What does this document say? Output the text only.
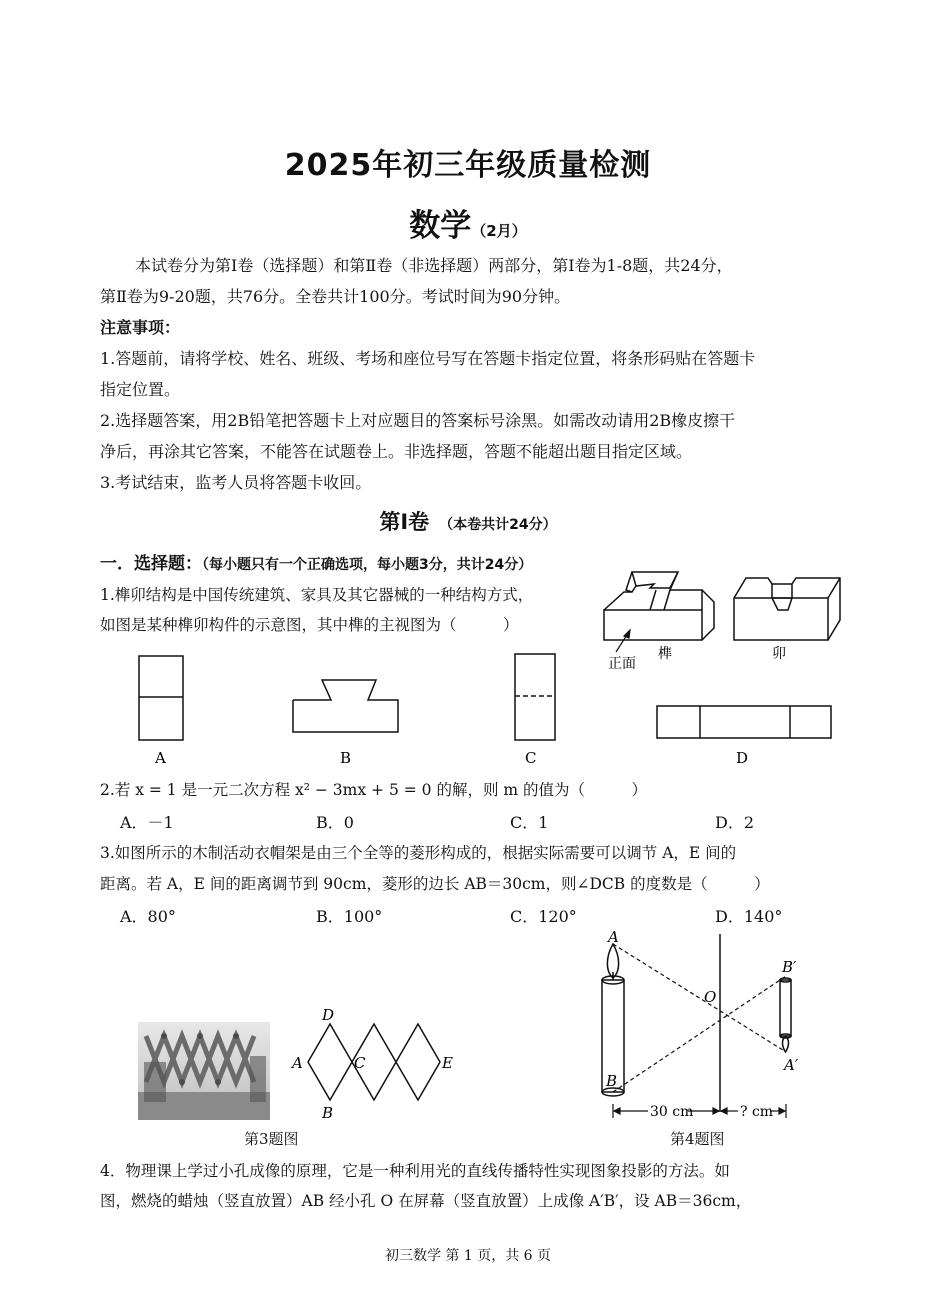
2025年初三年级质量检测
数学（2月）
本试卷分为第Ⅰ卷（选择题）和第Ⅱ卷（非选择题）两部分，第Ⅰ卷为1-8题，共24分，
第Ⅱ卷为9-20题，共76分。全卷共计100分。考试时间为90分钟。
注意事项：
1.答题前，请将学校、姓名、班级、考场和座位号写在答题卡指定位置，将条形码贴在答题卡
指定位置。
2.选择题答案，用2B铅笔把答题卡上对应题目的答案标号涂黑。如需改动请用2B橡皮擦干
净后，再涂其它答案，不能答在试题卷上。非选择题，答题不能超出题目指定区域。
3.考试结束，监考人员将答题卡收回。
第Ⅰ卷 （本卷共计24分）
一．选择题：（每小题只有一个正确选项，每小题3分，共计24分）
1.榫卯结构是中国传统建筑、家具及其它器械的一种结构方式，
如图是某种榫卯构件的示意图，其中榫的主视图为（　　　）
正面
榫	卯
A	B	C	D
2.若 x = 1 是一元二次方程 x² − 3mx + 5 = 0 的解，则 m 的值为（　　　）
A．－1	B．0	C．1	D．2
3.如图所示的木制活动衣帽架是由三个全等的菱形构成的，根据实际需要可以调节 A，E 间的
距离。若 A，E 间的距离调节到 90cm，菱形的边长 AB＝30cm，则∠DCB 的度数是（　　　）
A．80°	B．100°	C．120°	D．140°
D
A	C	E
B
第3题图
A
B
O
B′
A′
30 cm	? cm
第4题图
4．物理课上学过小孔成像的原理，它是一种利用光的直线传播特性实现图象投影的方法。如
图，燃烧的蜡烛（竖直放置）AB 经小孔 O 在屏幕（竖直放置）上成像 A′B′，设 AB＝36cm，
初三数学 第 1 页，共 6 页
